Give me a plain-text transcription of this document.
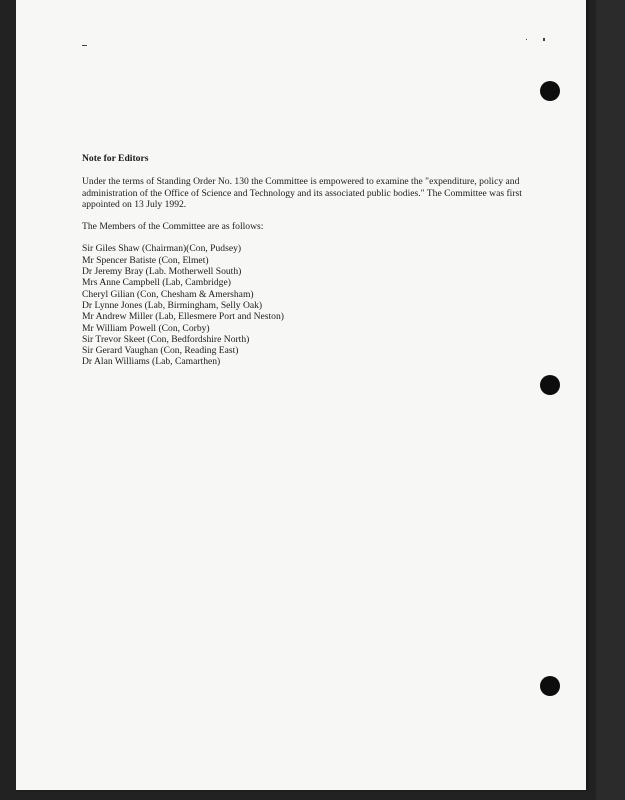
Note for Editors
Under the terms of Standing Order No. 130 the Committee is empowered to examine the "expenditure, policy and administration of the Office of Science and Technology and its associated public bodies." The Committee was first appointed on 13 July 1992.
The Members of the Committee are as follows:
Sir Giles Shaw (Chairman)(Con, Pudsey)
Mr Spencer Batiste (Con, Elmet)
Dr Jeremy Bray (Lab. Motherwell South)
Mrs Anne Campbell (Lab, Cambridge)
Cheryl Gilian (Con, Chesham & Amersham)
Dr Lynne Jones (Lab, Birmingham, Selly Oak)
Mr Andrew Miller (Lab, Ellesmere Port and Neston)
Mr William Powell (Con, Corby)
Sir Trevor Skeet (Con, Bedfordshire North)
Sir Gerard Vaughan (Con, Reading East)
Dr Alan Williams (Lab, Camarthen)
